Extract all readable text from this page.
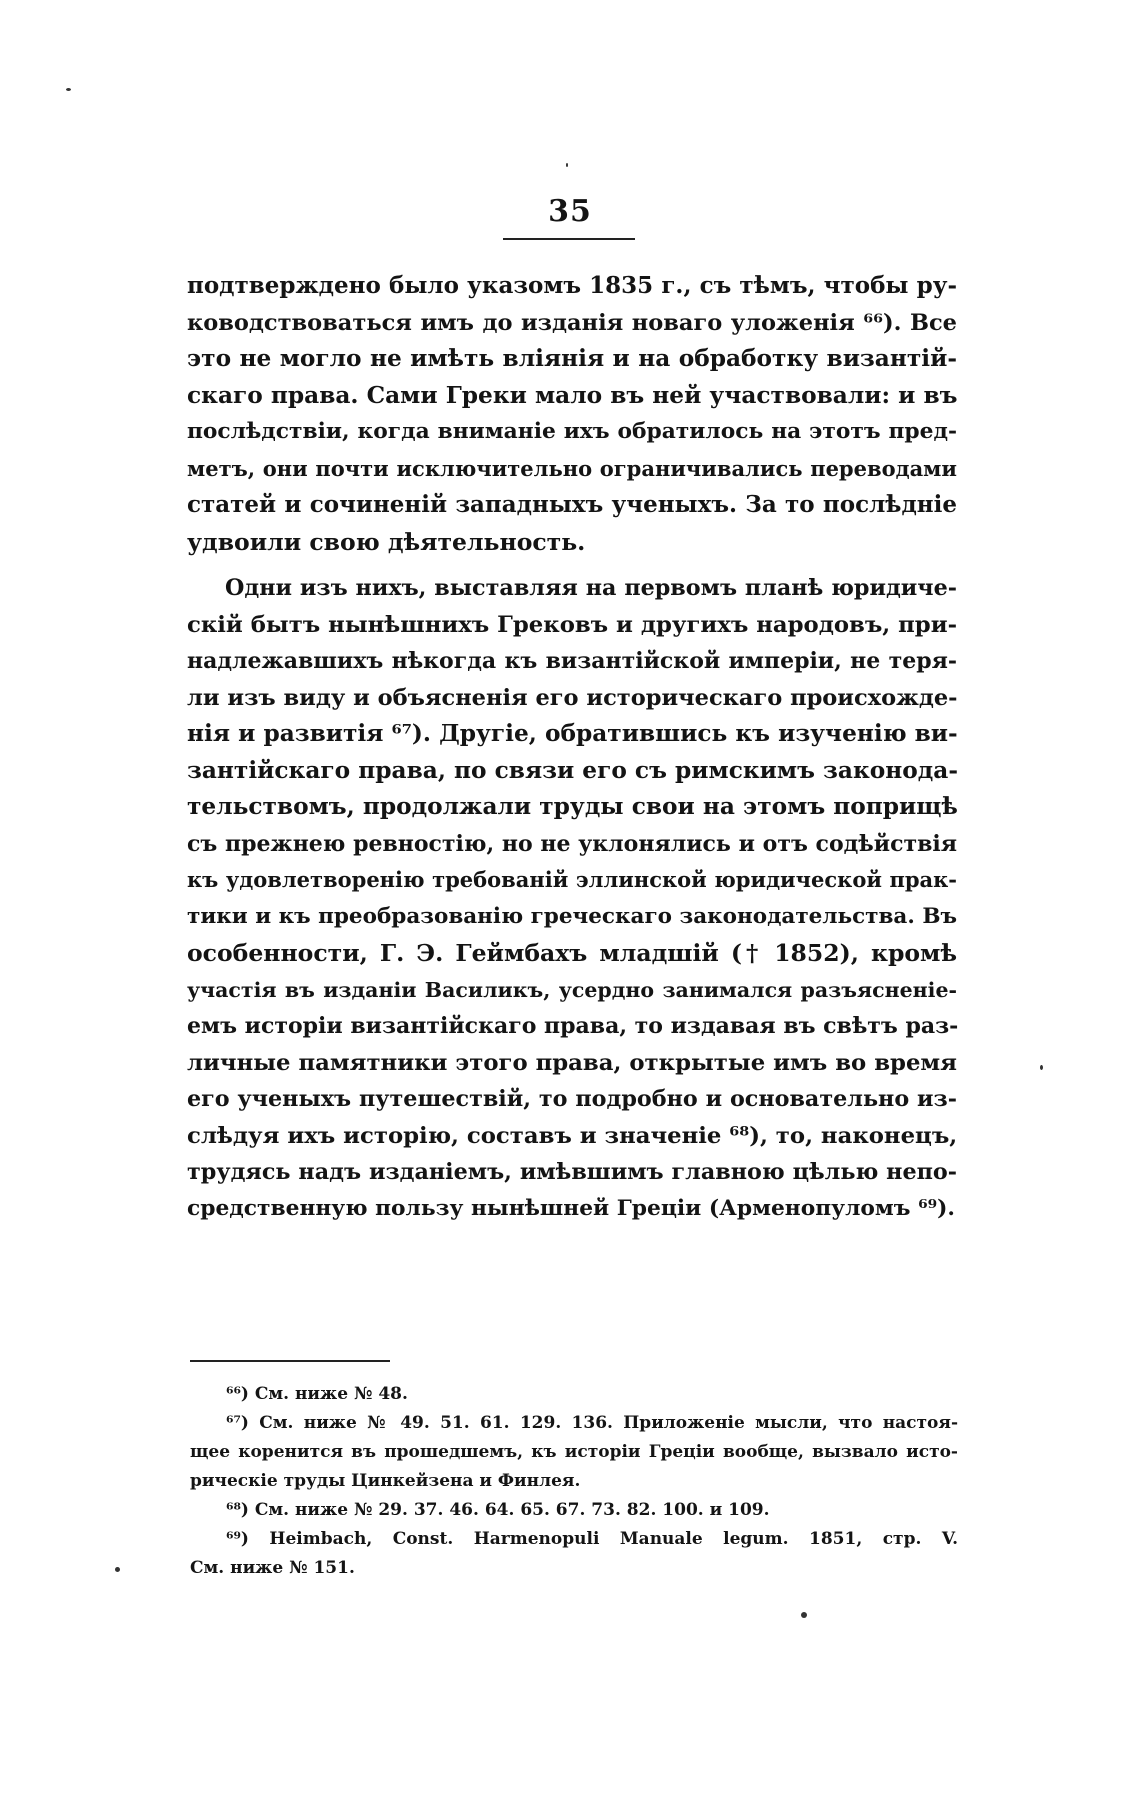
35
подтверждено было указомъ 1835 г., съ тѣмъ, чтобы ру-
ководствоваться имъ до изданія новаго уложенія ⁶⁶). Все
это не могло не имѣть вліянія и на обработку византій-
скаго права. Сами Греки мало въ ней участвовали: и въ
послѣдствіи, когда вниманіе ихъ обратилось на этотъ пред-
метъ, они почти исключительно ограничивались переводами
статей и сочиненій западныхъ ученыхъ. За то послѣдніе
удвоили свою дѣятельность.
Одни изъ нихъ, выставляя на первомъ планѣ юридиче-
скій бытъ нынѣшнихъ Грековъ и другихъ народовъ, при-
надлежавшихъ нѣкогда къ византійской имперіи, не теря-
ли изъ виду и объясненія его историческаго происхожде-
нія и развитія ⁶⁷). Другіе, обратившись къ изученію ви-
зантійскаго права, по связи его съ римскимъ законода-
тельствомъ, продолжали труды свои на этомъ поприщѣ
съ прежнею ревностію, но не уклонялись и отъ содѣйствія
къ удовлетворенію требованій эллинской юридической прак-
тики и къ преобразованію греческаго законодательства. Въ
особенности, Г. Э. Геймбахъ младшій († 1852), кромѣ
участія въ изданіи Василикъ, усердно занимался разъясненіе-
емъ исторіи византійскаго права, то издавая въ свѣтъ раз-
личные памятники этого права, открытые имъ во время
его ученыхъ путешествій, то подробно и основательно из-
слѣдуя ихъ исторію, составъ и значеніе ⁶⁸), то, наконецъ,
трудясь надъ изданіемъ, имѣвшимъ главною цѣлью непо-
средственную пользу нынѣшней Греціи (Арменопуломъ ⁶⁹).
⁶⁶) См. ниже № 48.
⁶⁷) См. ниже № 49. 51. 61. 129. 136. Приложеніе мысли, что настоя-
щее коренится въ прошедшемъ, къ исторіи Греціи вообще, вызвало исто-
рическіе труды Цинкейзена и Финлея.
⁶⁸) См. ниже № 29. 37. 46. 64. 65. 67. 73. 82. 100. и 109.
⁶⁹) Heimbach, Const. Harmenopuli Manuale legum. 1851, стр. V.
См. ниже № 151.
